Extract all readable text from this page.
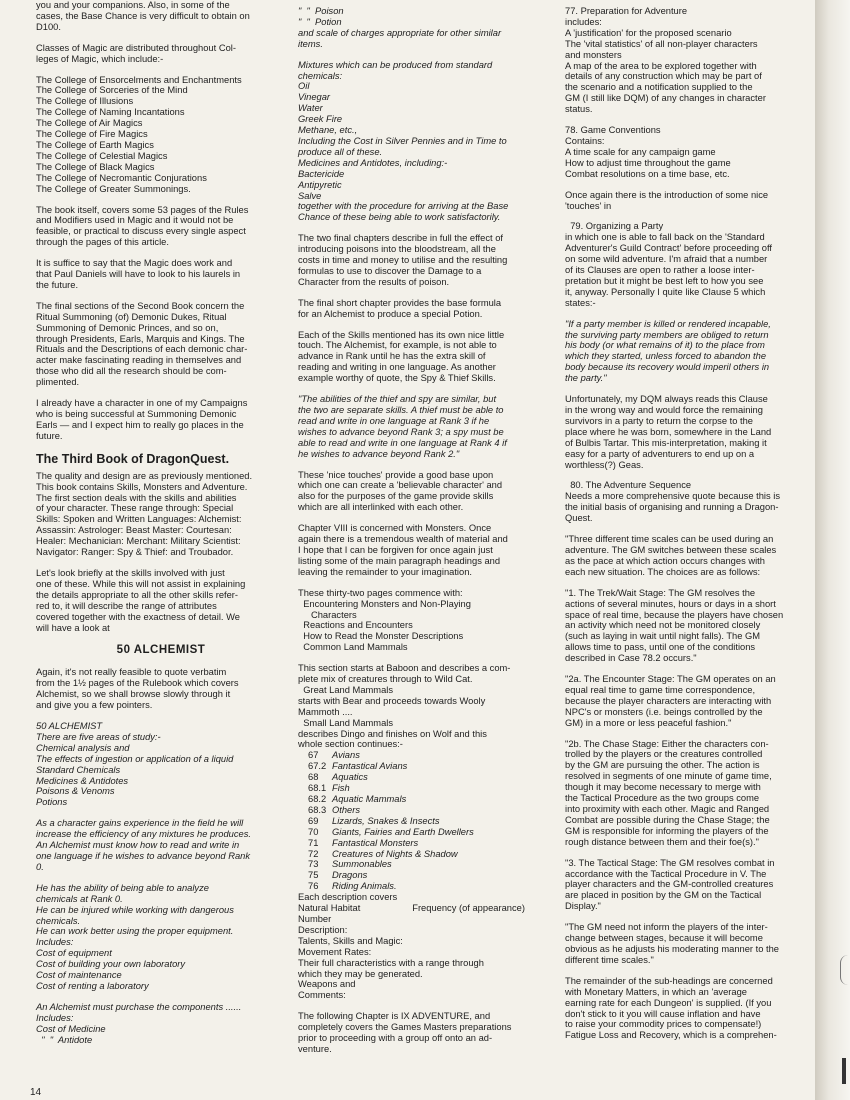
you and your companions. Also, in some of the
cases, the Base Chance is very difficult to obtain on
D100.
Classes of Magic are distributed throughout Col-
leges of Magic, which include:-
The College of Ensorcelments and Enchantments
The College of Sorceries of the Mind
The College of Illusions
The College of Naming Incantations
The College of Air Magics
The College of Fire Magics
The College of Earth Magics
The College of Celestial Magics
The College of Black Magics
The College of Necromantic Conjurations
The College of Greater Summonings.
The book itself, covers some 53 pages of the Rules
and Modifiers used in Magic and it would not be
feasible, or practical to discuss every single aspect
through the pages of this article.
It is suffice to say that the Magic does work and
that Paul Daniels will have to look to his laurels in
the future.
The final sections of the Second Book concern the
Ritual Summoning (of) Demonic Dukes, Ritual
Summoning of Demonic Princes, and so on,
through Presidents, Earls, Marquis and Kings. The
Rituals and the Descriptions of each demonic char-
acter make fascinating reading in themselves and
those who did all the research should be com-
plimented.
I already have a character in one of my Campaigns
who is being successful at Summoning Demonic
Earls — and I expect him to really go places in the
future.
The Third Book of DragonQuest.
The quality and design are as previously mentioned.
This book contains Skills, Monsters and Adventure.
The first section deals with the skills and abilities
of your character. These range through: Special
Skills: Spoken and Written Languages: Alchemist:
Assassin: Astrologer: Beast Master: Courtesan:
Healer: Mechanician: Merchant: Military Scientist:
Navigator: Ranger: Spy & Thief: and Troubador.
Let's look briefly at the skills involved with just
one of these. While this will not assist in explaining
the details appropriate to all the other skills refer-
red to, it will describe the range of attributes
covered together with the exactness of detail. We
will have a look at
50 ALCHEMIST
Again, it's not really feasible to quote verbatim
from the 1½ pages of the Rulebook which covers
Alchemist, so we shall browse slowly through it
and give you a few pointers.
50 ALCHEMIST
There are five areas of study:-
Chemical analysis and
The effects of ingestion or application of a liquid
Standard Chemicals
Medicines & Antidotes
Poisons & Venoms
Potions
As a character gains experience in the field he will
increase the efficiency of any mixtures he produces.
An Alchemist must know how to read and write in
one language if he wishes to advance beyond Rank
0.
He has the ability of being able to analyze
chemicals at Rank 0.
He can be injured while working with dangerous
chemicals.
He can work better using the proper equipment.
Includes:
Cost of equipment
Cost of building your own laboratory
Cost of maintenance
Cost of renting a laboratory
An Alchemist must purchase the components ......
Includes:
Cost of Medicine
"  "  Antidote
"  "  Poison
"  "  Potion
and scale of charges appropriate for other similar
items.
Mixtures which can be produced from standard
chemicals:
Oil
Vinegar
Water
Greek Fire
Methane, etc.,
Including the Cost in Silver Pennies and in Time to
produce all of these.
Medicines and Antidotes, including:-
Bactericide
Antipyretic
Salve
together with the procedure for arriving at the Base
Chance of these being able to work satisfactorily.
The two final chapters describe in full the effect of
introducing poisons into the bloodstream, all the
costs in time and money to utilise and the resulting
formulas to use to discover the Damage to a
Character from the results of poison.
The final short chapter provides the base formula
for an Alchemist to produce a special Potion.
Each of the Skills mentioned has its own nice little
touch. The Alchemist, for example, is not able to
advance in Rank until he has the extra skill of
reading and writing in one language. As another
example worthy of quote, the Spy & Thief Skills.
"The abilities of the thief and spy are similar, but
the two are separate skills. A thief must be able to
read and write in one language at Rank 3 if he
wishes to advance beyond Rank 3; a spy must be
able to read and write in one language at Rank 4 if
he wishes to advance beyond Rank 2."
These 'nice touches' provide a good base upon
which one can create a 'believable character' and
also for the purposes of the game provide skills
which are all interlinked with each other.
Chapter VIII is concerned with Monsters. Once
again there is a tremendous wealth of material and
I hope that I can be forgiven for once again just
listing some of the main paragraph headings and
leaving the remainder to your imagination.
These thirty-two pages commence with:
Encountering Monsters and Non-Playing
Characters
Reactions and Encounters
How to Read the Monster Descriptions
Common Land Mammals
This section starts at Baboon and describes a com-
plete mix of creatures through to Wild Cat.
Great Land Mammals
starts with Bear and proceeds towards Wooly
Mammoth ....
Small Land Mammals
describes Dingo and finishes on Wolf and this
whole section continues:-
67 Avians
67.2 Fantastical Avians
68 Aquatics
68.1 Fish
68.2 Aquatic Mammals
68.3 Others
69 Lizards, Snakes & Insects
70 Giants, Fairies and Earth Dwellers
71 Fantastical Monsters
72 Creatures of Nights & Shadow
73 Summonables
75 Dragons
76 Riding Animals.
Each description covers
Natural Habitat                    Frequency (of appearance)
Number
Description:
Talents, Skills and Magic:
Movement Rates:
Their full characteristics with a range through
which they may be generated.
Weapons and
Comments:
The following Chapter is IX ADVENTURE, and
completely covers the Games Masters preparations
prior to proceeding with a group off onto an ad-
venture.
77. Preparation for Adventure
includes:
A 'justification' for the proposed scenario
The 'vital statistics' of all non-player characters
and monsters
A map of the area to be explored together with
details of any construction which may be part of
the scenario and a notification supplied to the
GM (I still like DQM) of any changes in character
status.
78. Game Conventions
Contains:
A time scale for any campaign game
How to adjust time throughout the game
Combat resolutions on a time base, etc.
Once again there is the introduction of some nice
'touches' in
79. Organizing a Party
in which one is able to fall back on the 'Standard
Adventurer's Guild Contract' before proceeding off
on some wild adventure. I'm afraid that a number
of its Clauses are open to rather a loose inter-
pretation but it might be best left to how you see
it, anyway. Personally I quite like Clause 5 which
states:-
"If a party member is killed or rendered incapable,
the surviving party members are obliged to return
his body (or what remains of it) to the place from
which they started, unless forced to abandon the
body because its recovery would imperil others in
the party."
Unfortunately, my DQM always reads this Clause
in the wrong way and would force the remaining
survivors in a party to return the corpse to the
place where he was born, somewhere in the Land
of Bulbis Tartar. This mis-interpretation, making it
easy for a party of adventurers to end up on a
worthless(?) Geas.
80. The Adventure Sequence
Needs a more comprehensive quote because this is
the initial basis of organising and running a Dragon-
Quest.
"Three different time scales can be used during an
adventure. The GM switches between these scales
as the pace at which action occurs changes with
each new situation. The choices are as follows:
"1. The Trek/Wait Stage: The GM resolves the
actions of several minutes, hours or days in a short
space of real time, because the players have chosen
an activity which need not be monitored closely
(such as laying in wait until night falls). The GM
allows time to pass, until one of the conditions
described in Case 78.2 occurs."
"2a. The Encounter Stage: The GM operates on an
equal real time to game time correspondence,
because the player characters are interacting with
NPC's or monsters (i.e. beings controlled by the
GM) in a more or less peaceful fashion."
"2b. The Chase Stage: Either the characters con-
trolled by the players or the creatures controlled
by the GM are pursuing the other. The action is
resolved in segments of one minute of game time,
though it may become necessary to merge with
the Tactical Procedure as the two groups come
into proximity with each other. Magic and Ranged
Combat are possible during the Chase Stage; the
GM is responsible for informing the players of the
rough distance between them and their foe(s)."
"3. The Tactical Stage: The GM resolves combat in
accordance with the Tactical Procedure in V. The
player characters and the GM-controlled creatures
are placed in position by the GM on the Tactical
Display."
"The GM need not inform the players of the inter-
change between stages, because it will become
obvious as he adjusts his moderating manner to the
different time scales."
The remainder of the sub-headings are concerned
with Monetary Matters, in which an 'average
earning rate for each Dungeon' is supplied. (If you
don't stick to it you will cause inflation and have
to raise your commodity prices to compensate!)
Fatigue Loss and Recovery, which is a comprehen-
14
